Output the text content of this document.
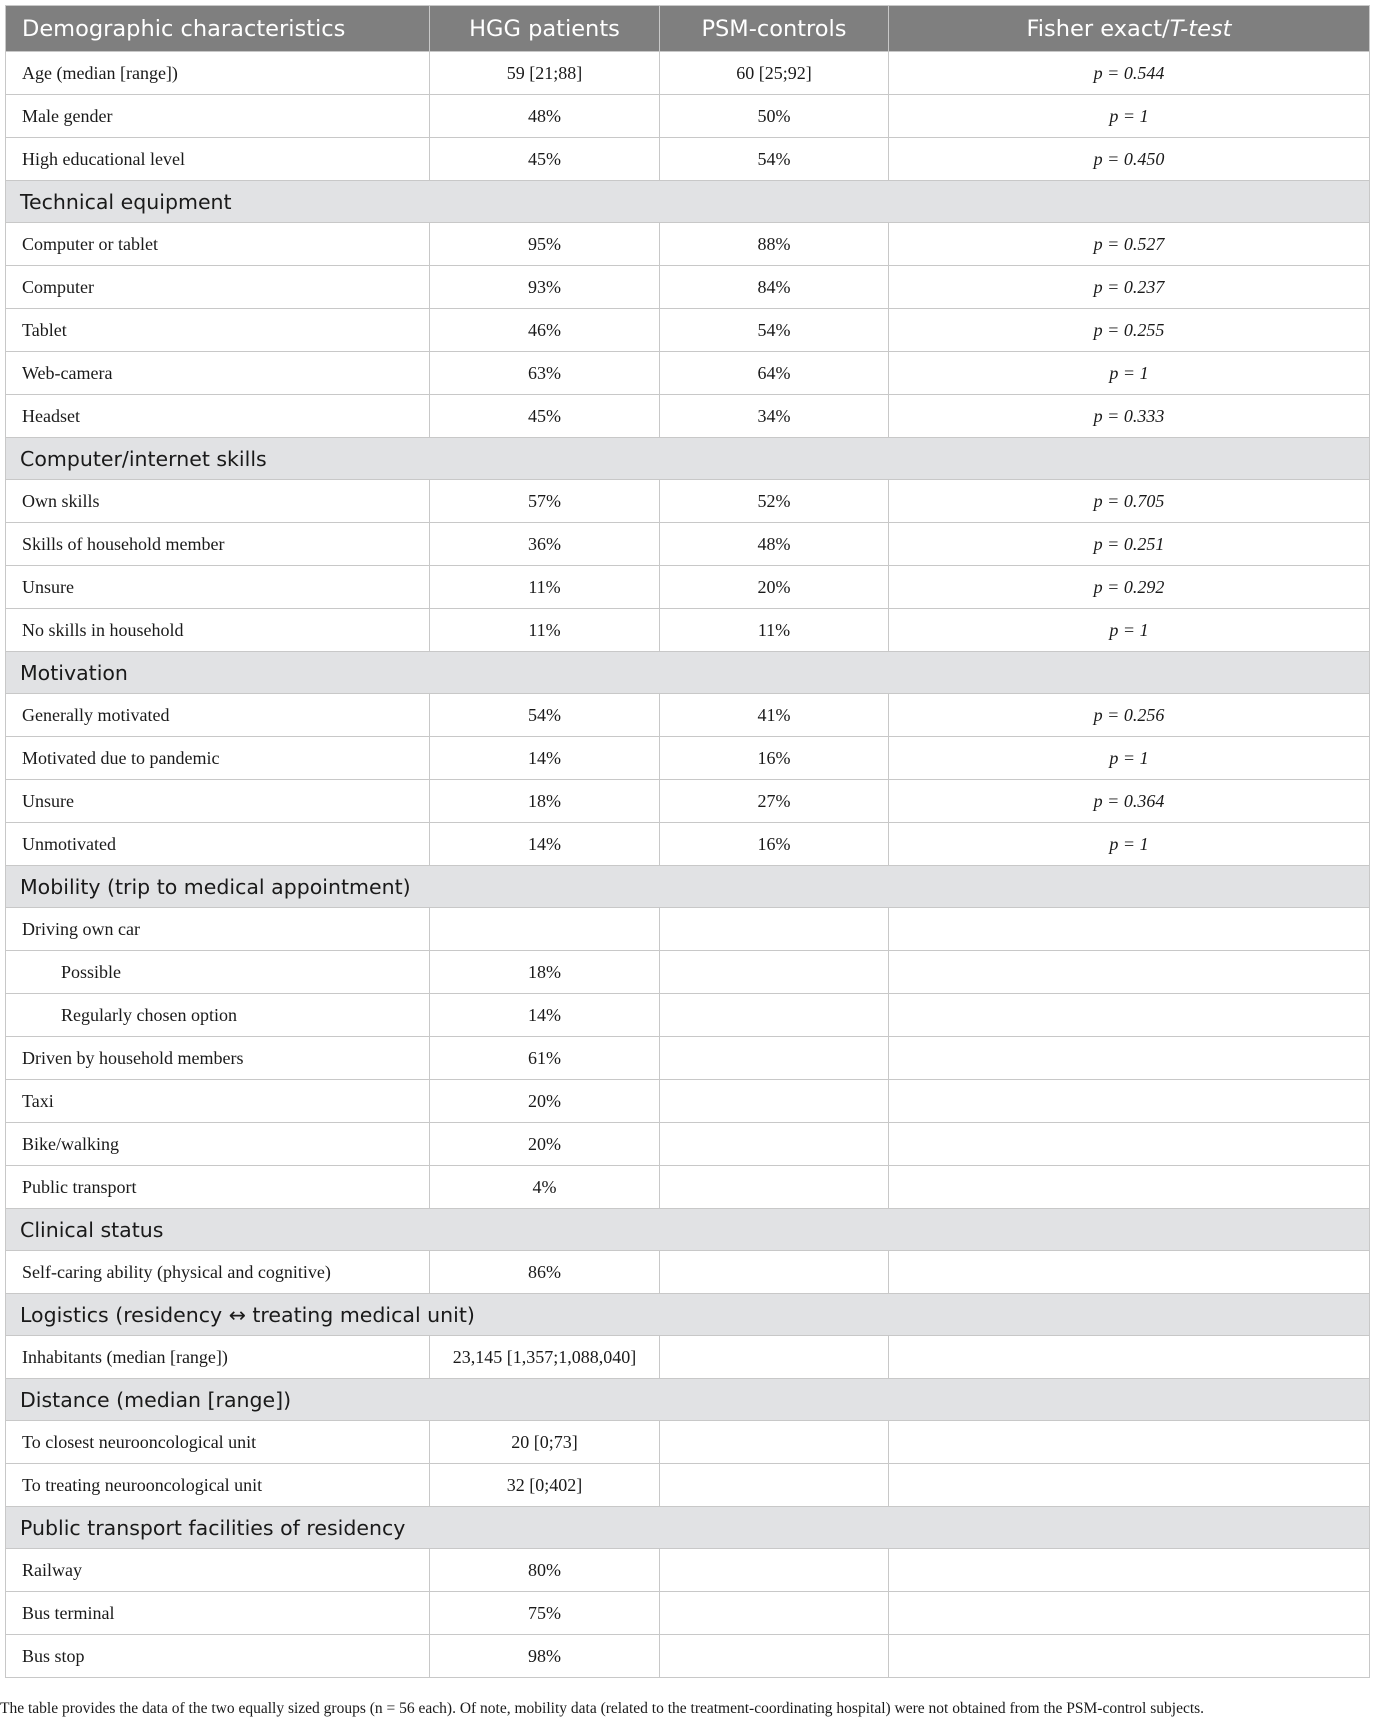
Demographic characteristics	HGG patients	PSM-controls	Fisher exact/T-test
Age (median [range])	59 [21;88]	60 [25;92]	p = 0.544
Male gender	48%	50%	p = 1
High educational level	45%	54%	p = 0.450
Technical equipment			
Computer or tablet	95%	88%	p = 0.527
Computer	93%	84%	p = 0.237
Tablet	46%	54%	p = 0.255
Web-camera	63%	64%	p = 1
Headset	45%	34%	p = 0.333
Computer/internet skills			
Own skills	57%	52%	p = 0.705
Skills of household member	36%	48%	p = 0.251
Unsure	11%	20%	p = 0.292
No skills in household	11%	11%	p = 1
Motivation			
Generally motivated	54%	41%	p = 0.256
Motivated due to pandemic	14%	16%	p = 1
Unsure	18%	27%	p = 0.364
Unmotivated	14%	16%	p = 1
Mobility (trip to medical appointment)			
Driving own car			
Possible	18%		
Regularly chosen option	14%		
Driven by household members	61%		
Taxi	20%		
Bike/walking	20%		
Public transport	4%		
Clinical status			
Self-caring ability (physical and cognitive)	86%		
Logistics (residency ↔ treating medical unit)			
Inhabitants (median [range])	23,145 [1,357;1,088,040]		
Distance (median [range])			
To closest neurooncological unit	20 [0;73]		
To treating neurooncological unit	32 [0;402]		
Public transport facilities of residency			
Railway	80%		
Bus terminal	75%		
Bus stop	98%		
The table provides the data of the two equally sized groups (n = 56 each). Of note, mobility data (related to the treatment-coordinating hospital) were not obtained from the PSM-control subjects.
